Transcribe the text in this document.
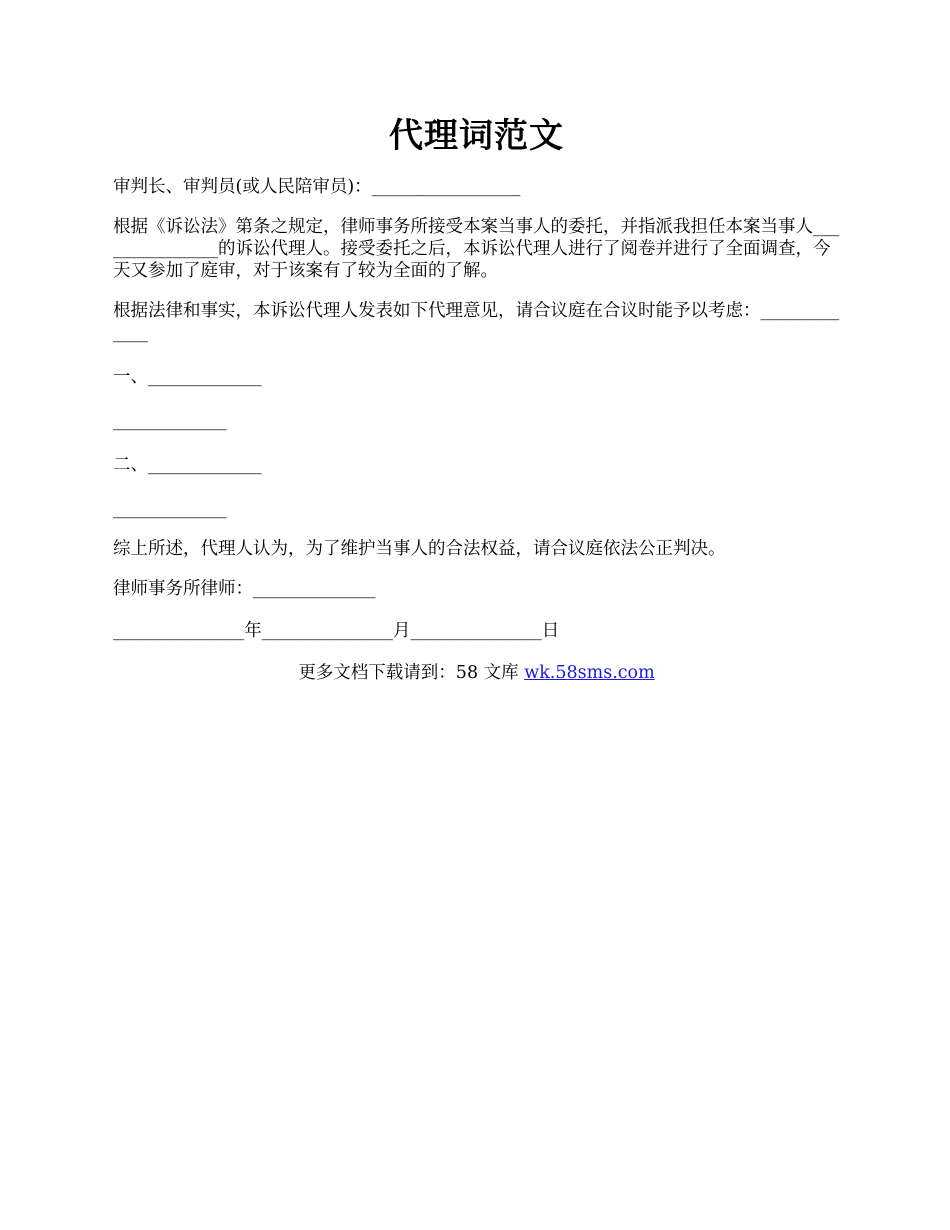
代理词范文

审判长、审判员(或人民陪审员)：_________________

根据《诉讼法》第条之规定，律师事务所接受本案当事人的委托，并指派我担任本案当事人_______________的诉讼代理人。接受委托之后，本诉讼代理人进行了阅卷并进行了全面调查，今天又参加了庭审，对于该案有了较为全面的了解。

根据法律和事实，本诉讼代理人发表如下代理意见，请合议庭在合议时能予以考虑：_____________

一、_____________

_____________

二、_____________

_____________

综上所述，代理人认为，为了维护当事人的合法权益，请合议庭依法公正判决。

律师事务所律师：______________

_______________年_______________月_______________日

更多文档下载请到：58 文库 wk.58sms.com
